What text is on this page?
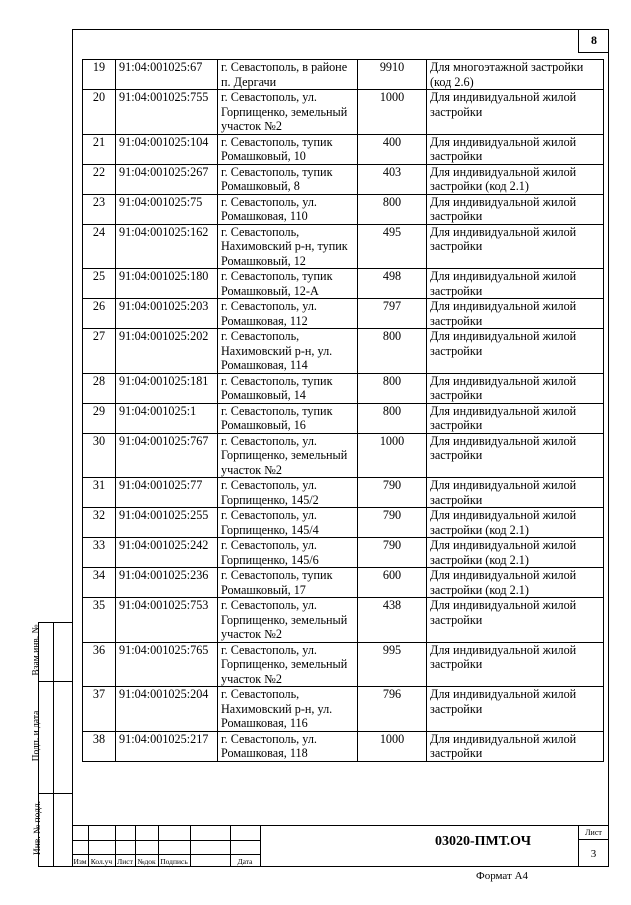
8
19	91:04:001025:67	г. Севастополь, в районе п. Дергачи	9910	Для многоэтажной застройки (код 2.6)
20	91:04:001025:755	г. Севастополь, ул. Горпищенко, земельный участок №2	1000	Для индивидуальной жилой застройки
21	91:04:001025:104	г. Севастополь, тупик Ромашковый, 10	400	Для индивидуальной жилой застройки
22	91:04:001025:267	г. Севастополь, тупик Ромашковый, 8	403	Для индивидуальной жилой застройки (код 2.1)
23	91:04:001025:75	г. Севастополь, ул. Ромашковая, 110	800	Для индивидуальной жилой застройки
24	91:04:001025:162	г. Севастополь, Нахимовский р-н, тупик Ромашковый, 12	495	Для индивидуальной жилой застройки
25	91:04:001025:180	г. Севастополь, тупик Ромашковый, 12-А	498	Для индивидуальной жилой застройки
26	91:04:001025:203	г. Севастополь, ул. Ромашковая, 112	797	Для индивидуальной жилой застройки
27	91:04:001025:202	г. Севастополь, Нахимовский р-н, ул. Ромашковая, 114	800	Для индивидуальной жилой застройки
28	91:04:001025:181	г. Севастополь, тупик Ромашковый, 14	800	Для индивидуальной жилой застройки
29	91:04:001025:1	г. Севастополь, тупик Ромашковый, 16	800	Для индивидуальной жилой застройки
30	91:04:001025:767	г. Севастополь, ул. Горпищенко, земельный участок №2	1000	Для индивидуальной жилой застройки
31	91:04:001025:77	г. Севастополь, ул. Горпищенко, 145/2	790	Для индивидуальной жилой застройки
32	91:04:001025:255	г. Севастополь, ул. Горпищенко, 145/4	790	Для индивидуальной жилой застройки (код 2.1)
33	91:04:001025:242	г. Севастополь, ул. Горпищенко, 145/6	790	Для индивидуальной жилой застройки (код 2.1)
34	91:04:001025:236	г. Севастополь, тупик Ромашковый, 17	600	Для индивидуальной жилой застройки (код 2.1)
35	91:04:001025:753	г. Севастополь, ул. Горпищенко, земельный участок №2	438	Для индивидуальной жилой застройки
36	91:04:001025:765	г. Севастополь, ул. Горпищенко, земельный участок №2	995	Для индивидуальной жилой застройки
37	91:04:001025:204	г. Севастополь, Нахимовский р-н, ул. Ромашковая, 116	796	Для индивидуальной жилой застройки
38	91:04:001025:217	г. Севастополь, ул. Ромашковая, 118	1000	Для индивидуальной жилой застройки
Взам.инв. №
Подп. и дата
Инв. № подл.
Изм Кол.уч Лист №док Подпись	Дата
03020-ПМТ.ОЧ
Лист
3
Формат А4
